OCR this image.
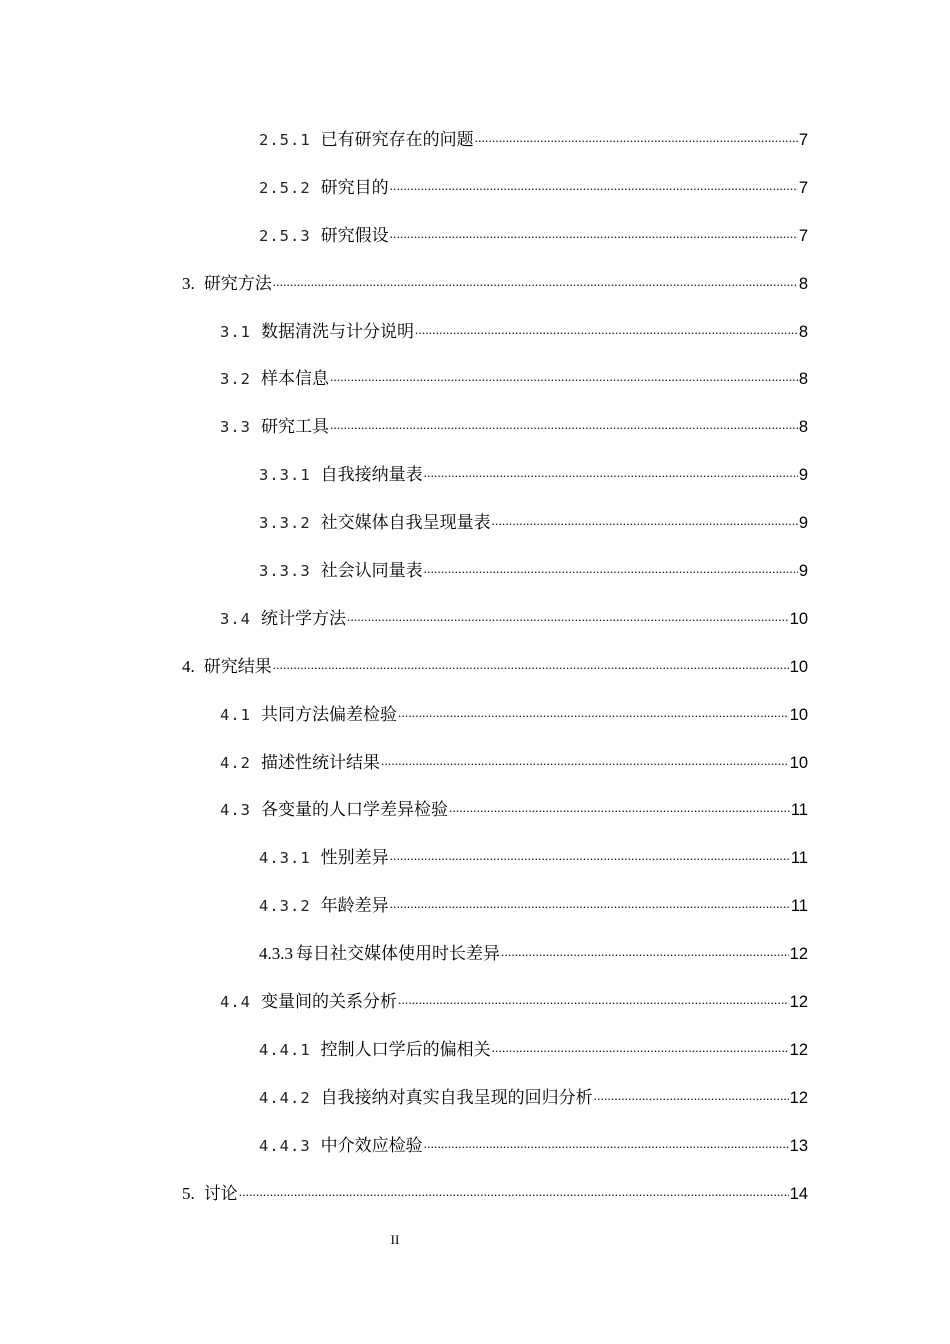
2.5.1 已有研究存在的问题 .....	7
2.5.2 研究目的 .....	7
2.5.3 研究假设 .....	7
3. 研究方法 .....	8
3.1 数据清洗与计分说明 .....	8
3.2 样本信息 .....	8
3.3 研究工具 .....	8
3.3.1 自我接纳量表 .....	9
3.3.2 社交媒体自我呈现量表 .....	9
3.3.3 社会认同量表 .....	9
3.4 统计学方法 .....	10
4. 研究结果 .....	10
4.1 共同方法偏差检验 .....	10
4.2 描述性统计结果 .....	10
4.3 各变量的人口学差异检验 .....	11
4.3.1 性别差异 .....	11
4.3.2 年龄差异 .....	11
4.3.3 每日社交媒体使用时长差异 .....	12
4.4 变量间的关系分析 .....	12
4.4.1 控制人口学后的偏相关 .....	12
4.4.2 自我接纳对真实自我呈现的回归分析 .....	12
4.4.3 中介效应检验 .....	13
5. 讨论 .....	14
II
